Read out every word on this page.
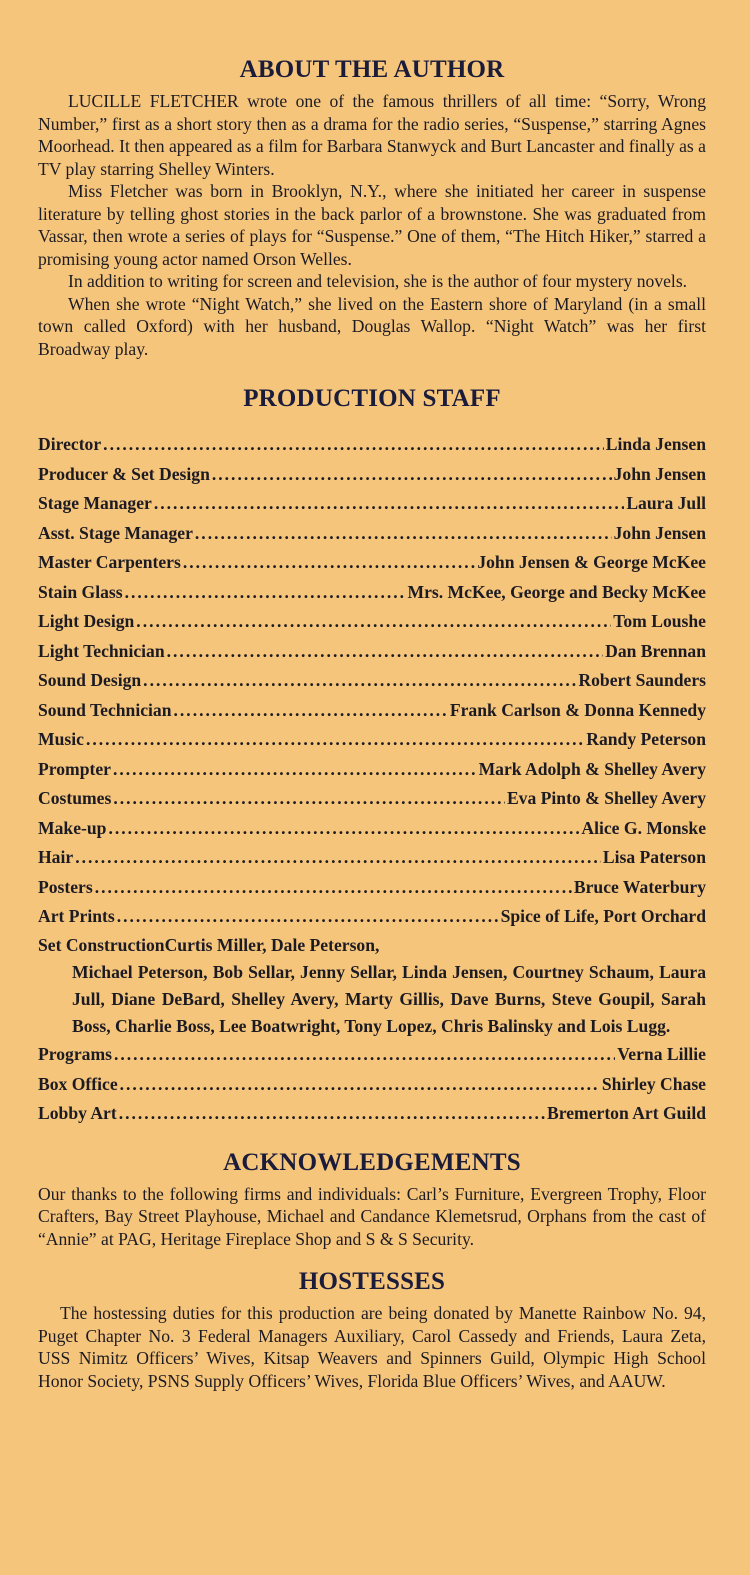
ABOUT THE AUTHOR

LUCILLE FLETCHER wrote one of the famous thrillers of all time: “Sorry, Wrong Number,” first as a short story then as a drama for the radio series, “Suspense,” starring Agnes Moorhead. It then appeared as a film for Barbara Stanwyck and Burt Lancaster and finally as a TV play starring Shelley Winters.

Miss Fletcher was born in Brooklyn, N.Y., where she initiated her career in suspense literature by telling ghost stories in the back parlor of a brownstone. She was graduated from Vassar, then wrote a series of plays for “Suspense.” One of them, “The Hitch Hiker,” starred a promising young actor named Orson Welles.

In addition to writing for screen and television, she is the author of four mystery novels.

When she wrote “Night Watch,” she lived on the Eastern shore of Maryland (in a small town called Oxford) with her husband, Douglas Wallop. “Night Watch” was her first Broadway play.

PRODUCTION STAFF
Director . . .	Linda Jensen
Producer & Set Design . . .	John Jensen
Stage Manager . . .	Laura Jull
Asst. Stage Manager . . .	John Jensen
Master Carpenters . . .	John Jensen & George McKee
Stain Glass . . .	Mrs. McKee, George and Becky McKee
Light Design . . .	Tom Loushe
Light Technician . . .	Dan Brennan
Sound Design . . .	Robert Saunders
Sound Technician . . .	Frank Carlson & Donna Kennedy
Music . . .	Randy Peterson
Prompter . . .	Mark Adolph & Shelley Avery
Costumes . . .	Eva Pinto & Shelley Avery
Make-up . . .	Alice G. Monske
Hair . . .	Lisa Paterson
Posters . . .	Bruce Waterbury
Art Prints . . .	Spice of Life, Port Orchard
Set Construction Curtis Miller, Dale Peterson,
Michael Peterson, Bob Sellar, Jenny Sellar, Linda Jensen, Courtney Schaum, Laura Jull, Diane DeBard, Shelley Avery, Marty Gillis, Dave Burns, Steve Goupil, Sarah Boss, Charlie Boss, Lee Boatwright, Tony Lopez, Chris Balinsky and Lois Lugg.
Programs . . .	Verna Lillie
Box Office . . .	Shirley Chase
Lobby Art . . .	Bremerton Art Guild
ACKNOWLEDGEMENTS

Our thanks to the following firms and individuals: Carl’s Furniture, Evergreen Trophy, Floor Crafters, Bay Street Playhouse, Michael and Candance Klemetsrud, Orphans from the cast of “Annie” at PAG, Heritage Fireplace Shop and S & S Security.

HOSTESSES

The hostessing duties for this production are being donated by Manette Rainbow No. 94, Puget Chapter No. 3 Federal Managers Auxiliary, Carol Cassedy and Friends, Laura Zeta, USS Nimitz Officers’ Wives, Kitsap Weavers and Spinners Guild, Olympic High School Honor Society, PSNS Supply Officers’ Wives, Florida Blue Officers’ Wives, and AAUW.
